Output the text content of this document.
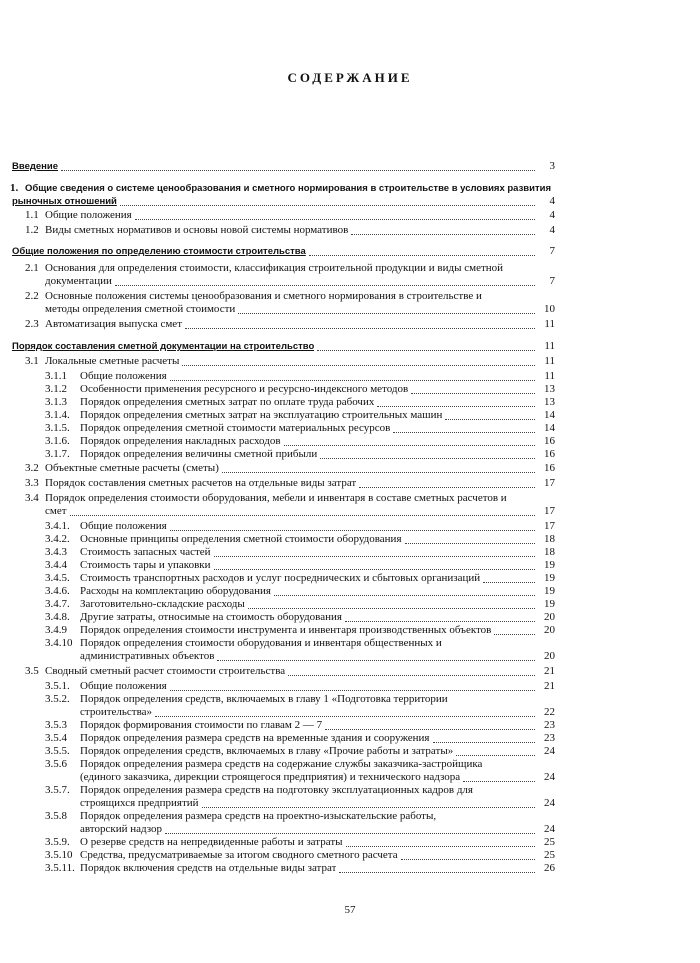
СОДЕРЖАНИЕ
Введение	3
1. Общие сведения о системе ценообразования и сметного нормирования в строительстве в условиях развития
рыночных отношений	4
1.1 Общие положения	4
1.2 Виды сметных нормативов и основы новой системы нормативов	4
Общие положения по определению стоимости строительства	7
2.1 Основания для определения стоимости, классификация строительной продукции и виды сметной
документации	7
2.2 Основные положения системы ценообразования и сметного нормирования в строительстве и
методы определения сметной стоимости	10
2.3 Автоматизация выпуска смет	11
Порядок составления сметной документации на строительство	11
3.1 Локальные сметные расчеты	11
3.1.1 Общие положения	11
3.1.2 Особенности применения ресурсного и ресурсно-индексного методов	13
3.1.3 Порядок определения сметных затрат по оплате труда рабочих	13
3.1.4. Порядок определения сметных затрат на эксплуатацию строительных машин	14
3.1.5. Порядок определения сметной стоимости материальных ресурсов	14
3.1.6. Порядок определения накладных расходов	16
3.1.7. Порядок определения величины сметной прибыли	16
3.2 Объектные сметные расчеты (сметы)	16
3.3 Порядок составления сметных расчетов на отдельные виды затрат	17
3.4 Порядок определения стоимости оборудования, мебели и инвентаря в составе сметных расчетов и
смет	17
3.4.1. Общие положения	17
3.4.2. Основные принципы определения сметной стоимости оборудования	18
3.4.3 Стоимость запасных частей	18
3.4.4 Стоимость тары и упаковки	19
3.4.5. Стоимость транспортных расходов и услуг посреднических и сбытовых организаций	19
3.4.6. Расходы на комплектацию оборудования	19
3.4.7. Заготовительно-складские расходы	19
3.4.8. Другие затраты, относимые на стоимость оборудования	20
3.4.9 Порядок определения стоимости инструмента и инвентаря производственных объектов	20
3.4.10 Порядок определения стоимости оборудования и инвентаря общественных и
административных объектов	20
3.5 Сводный сметный расчет стоимости строительства	21
3.5.1. Общие положения	21
3.5.2. Порядок определения средств, включаемых в главу 1 «Подготовка территории
строительства»	22
3.5.3 Порядок формирования стоимости по главам 2 — 7	23
3.5.4 Порядок определения размера средств на временные здания и сооружения	23
3.5.5. Порядок определения средств, включаемых в главу «Прочие работы и затраты»	24
3.5.6 Порядок определения размера средств на содержание службы заказчика-застройщика
(единого заказчика, дирекции строящегося предприятия) и технического надзора	24
3.5.7. Порядок определения размера средств на подготовку эксплуатационных кадров для
строящихся предприятий	24
3.5.8 Порядок определения размера средств на проектно-изыскательские работы,
авторский надзор	24
3.5.9. О резерве средств на непредвиденные работы и затраты	25
3.5.10 Средства, предусматриваемые за итогом сводного сметного расчета	25
3.5.11. Порядок включения средств на отдельные виды затрат	26
57
